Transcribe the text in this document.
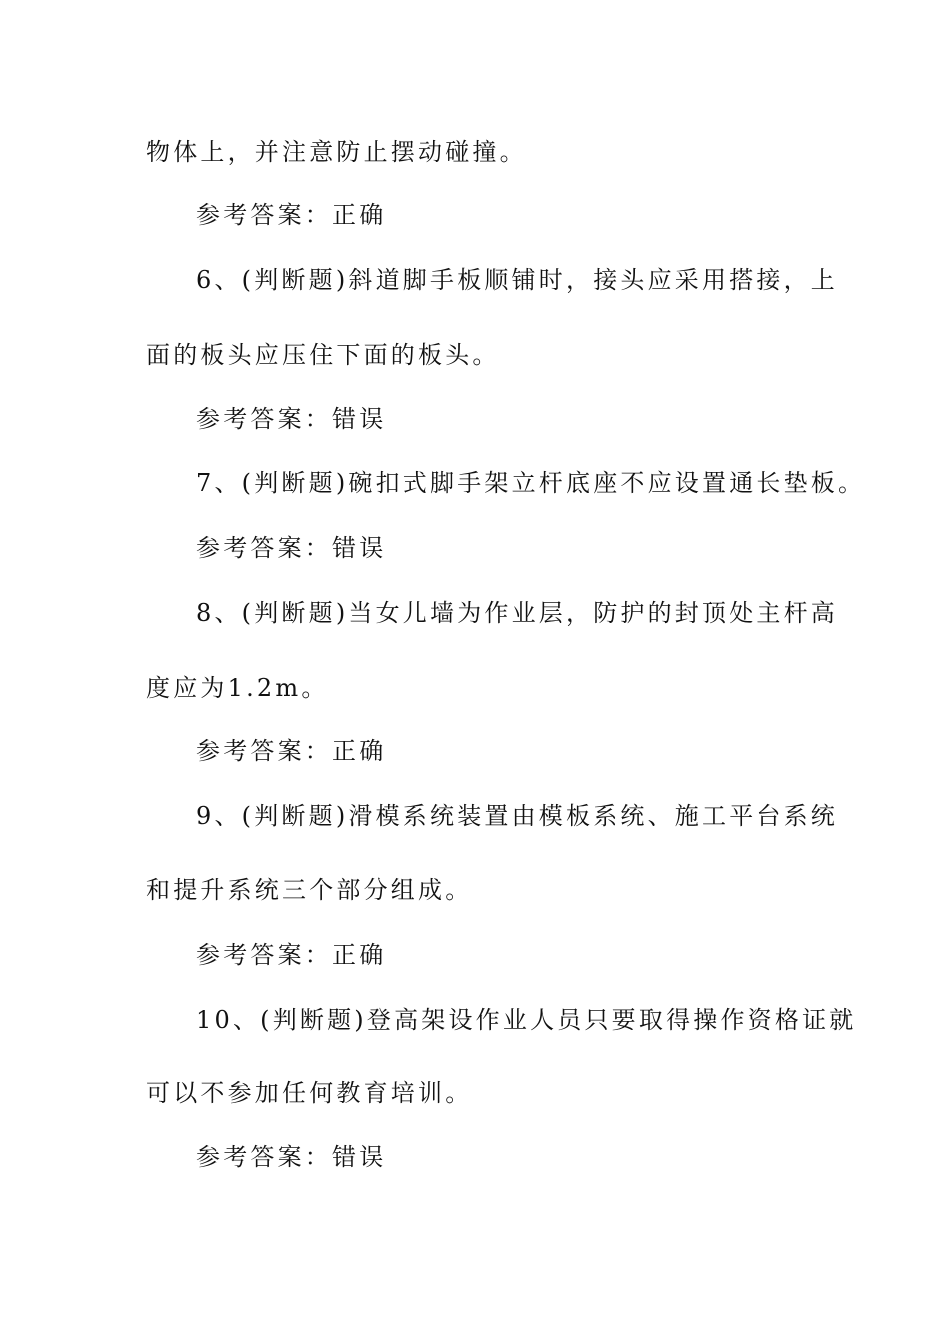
物体上，并注意防止摆动碰撞。
参考答案：正确
6、(判断题)斜道脚手板顺铺时，接头应采用搭接，上
面的板头应压住下面的板头。
参考答案：错误
7、(判断题)碗扣式脚手架立杆底座不应设置通长垫板。
参考答案：错误
8、(判断题)当女儿墙为作业层，防护的封顶处主杆高
度应为1.2m。
参考答案：正确
9、(判断题)滑模系统装置由模板系统、施工平台系统
和提升系统三个部分组成。
参考答案：正确
10、(判断题)登高架设作业人员只要取得操作资格证就
可以不参加任何教育培训。
参考答案：错误
